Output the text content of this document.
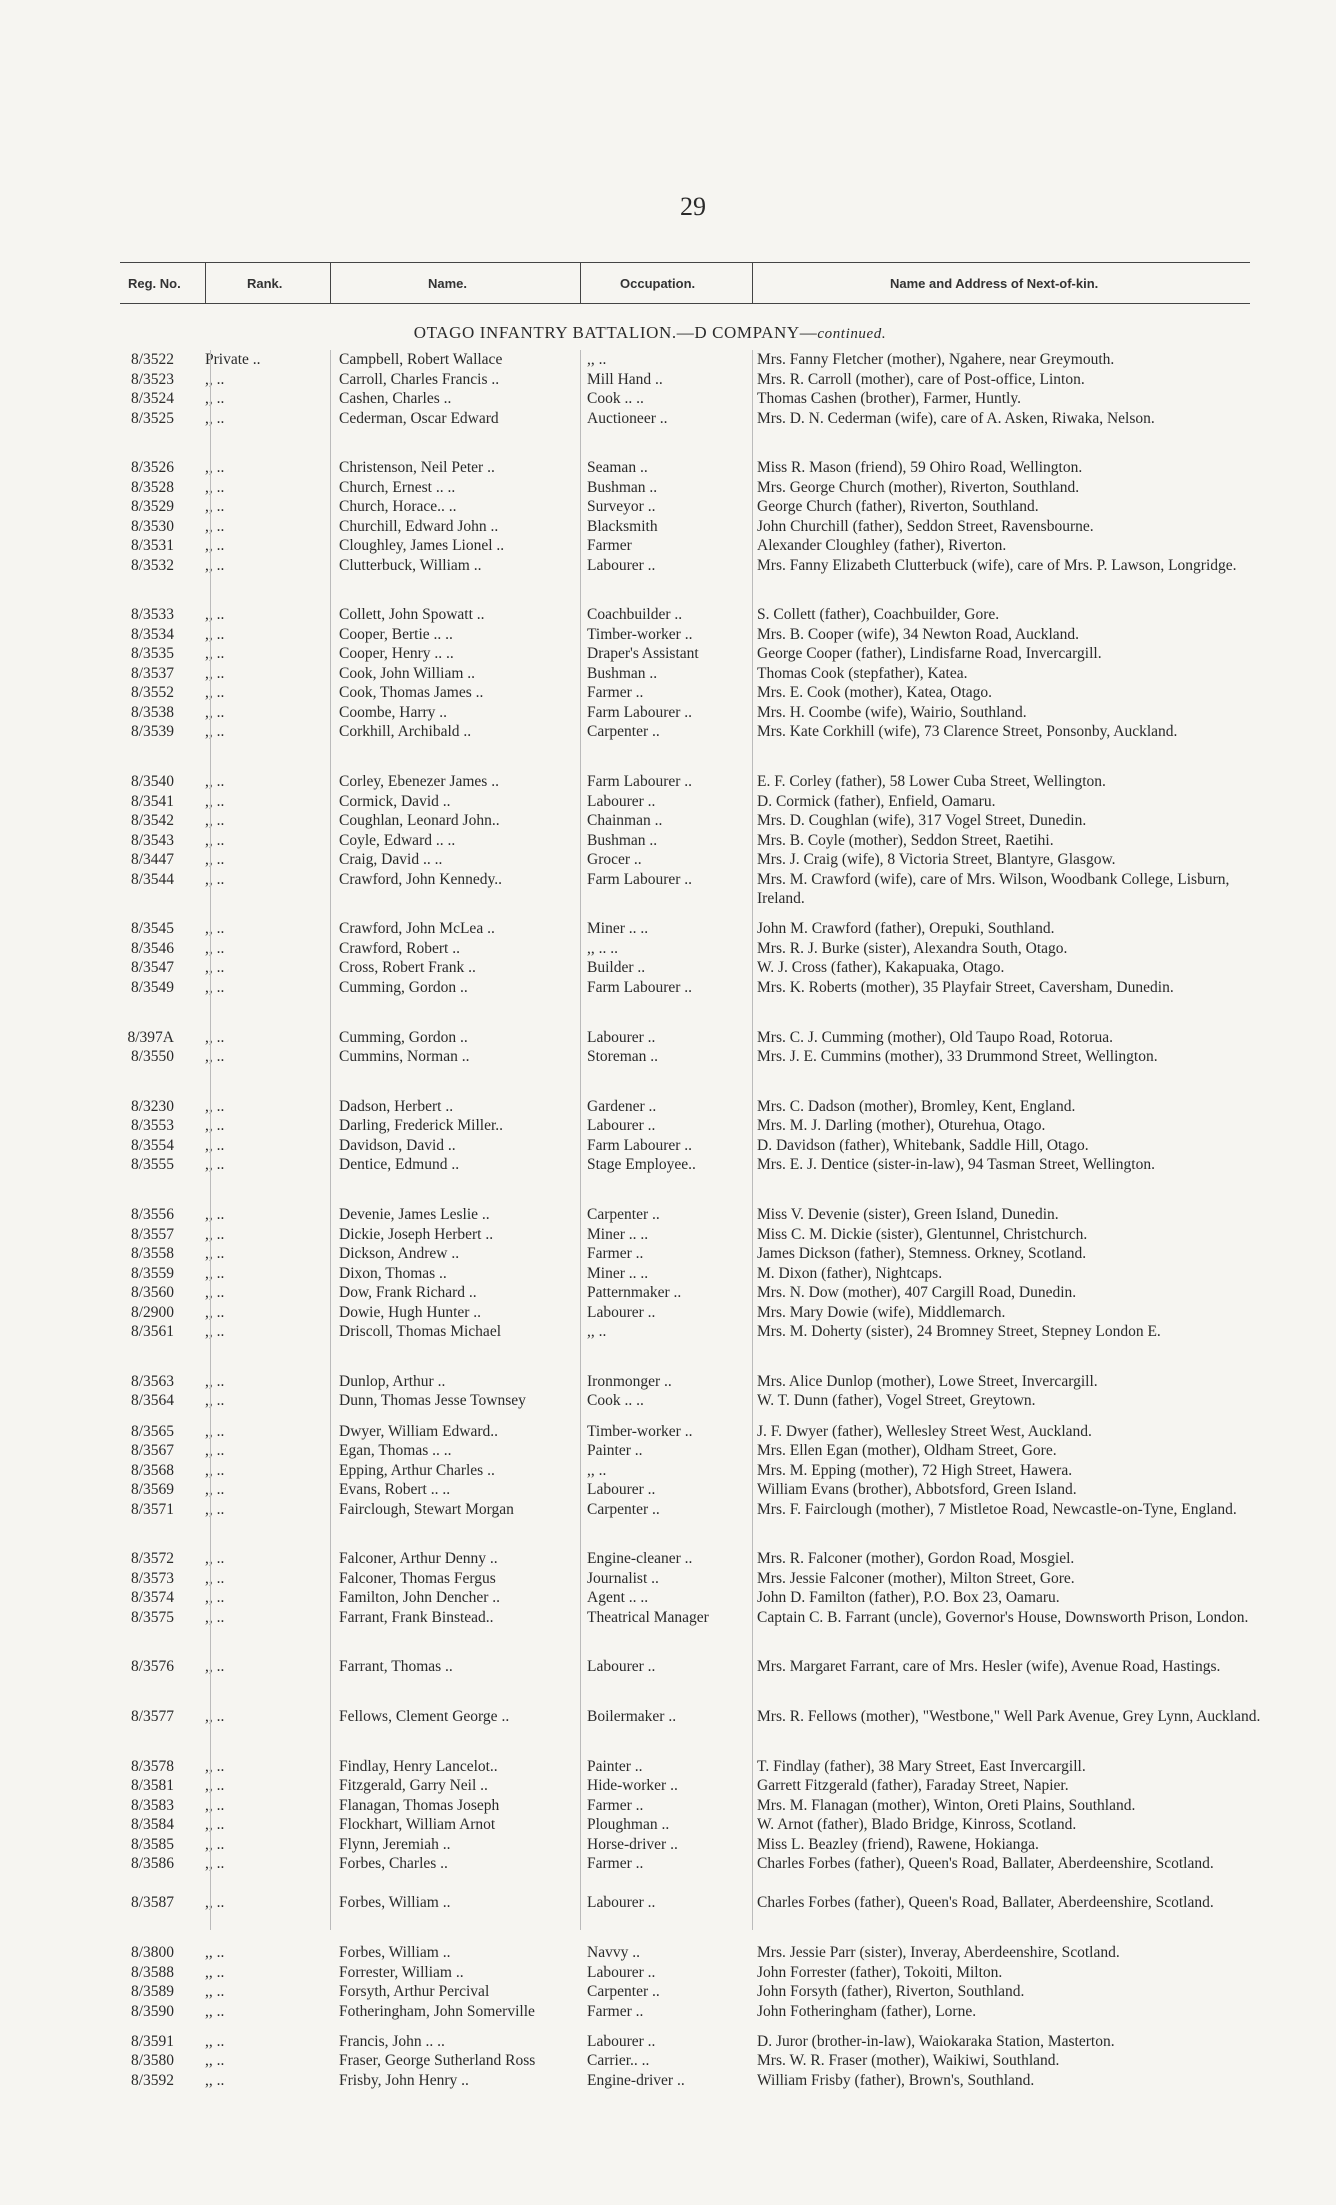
29
Reg. No.	Rank.	Name.	Occupation.	Name and Address of Next-of-kin.
OTAGO INFANTRY BATTALION.—D COMPANY—continued.
8/3522 Private ..	Campbell, Robert Wallace	,, ..	Mrs. Fanny Fletcher (mother), Ngahere, near Greymouth.
8/3523 ,, ..	Carroll, Charles Francis ..	Mill Hand ..	Mrs. R. Carroll (mother), care of Post-office, Linton.
8/3524 ,, ..	Cashen, Charles ..	Cook .. ..	Thomas Cashen (brother), Farmer, Huntly.
8/3525 ,, ..	Cederman, Oscar Edward	Auctioneer ..	Mrs. D. N. Cederman (wife), care of A. Asken, Riwaka, Nelson.
8/3526 ,, ..	Christenson, Neil Peter ..	Seaman ..	Miss R. Mason (friend), 59 Ohiro Road, Wellington.
8/3528 ,, ..	Church, Ernest .. ..	Bushman ..	Mrs. George Church (mother), Riverton, Southland.
8/3529 ,, ..	Church, Horace.. ..	Surveyor ..	George Church (father), Riverton, Southland.
8/3530 ,, ..	Churchill, Edward John ..	Blacksmith	John Churchill (father), Seddon Street, Ravensbourne.
8/3531 ,, ..	Cloughley, James Lionel ..	Farmer	Alexander Cloughley (father), Riverton.
8/3532 ,, ..	Clutterbuck, William ..	Labourer ..	Mrs. Fanny Elizabeth Clutterbuck (wife), care of Mrs. P. Lawson, Longridge.
8/3533 ,, ..	Collett, John Spowatt ..	Coachbuilder ..	S. Collett (father), Coachbuilder, Gore.
8/3534 ,, ..	Cooper, Bertie .. ..	Timber-worker ..	Mrs. B. Cooper (wife), 34 Newton Road, Auckland.
8/3535 ,, ..	Cooper, Henry .. ..	Draper's Assistant	George Cooper (father), Lindisfarne Road, Invercargill.
8/3537 ,, ..	Cook, John William ..	Bushman ..	Thomas Cook (stepfather), Katea.
8/3552 ,, ..	Cook, Thomas James ..	Farmer ..	Mrs. E. Cook (mother), Katea, Otago.
8/3538 ,, ..	Coombe, Harry ..	Farm Labourer ..	Mrs. H. Coombe (wife), Wairio, Southland.
8/3539 ,, ..	Corkhill, Archibald ..	Carpenter ..	Mrs. Kate Corkhill (wife), 73 Clarence Street, Ponsonby, Auckland.
8/3540 ,, ..	Corley, Ebenezer James ..	Farm Labourer ..	E. F. Corley (father), 58 Lower Cuba Street, Wellington.
8/3541 ,, ..	Cormick, David ..	Labourer ..	D. Cormick (father), Enfield, Oamaru.
8/3542 ,, ..	Coughlan, Leonard John..	Chainman ..	Mrs. D. Coughlan (wife), 317 Vogel Street, Dunedin.
8/3543 ,, ..	Coyle, Edward .. ..	Bushman ..	Mrs. B. Coyle (mother), Seddon Street, Raetihi.
8/3447 ,, ..	Craig, David .. ..	Grocer ..	Mrs. J. Craig (wife), 8 Victoria Street, Blantyre, Glasgow.
8/3544 ,, ..	Crawford, John Kennedy..	Farm Labourer ..	Mrs. M. Crawford (wife), care of Mrs. Wilson, Woodbank College, Lisburn, Ireland.
8/3545 ,, ..	Crawford, John McLea ..	Miner .. ..	John M. Crawford (father), Orepuki, Southland.
8/3546 ,, ..	Crawford, Robert ..	,, .. ..	Mrs. R. J. Burke (sister), Alexandra South, Otago.
8/3547 ,, ..	Cross, Robert Frank ..	Builder ..	W. J. Cross (father), Kakapuaka, Otago.
8/3549 ,, ..	Cumming, Gordon ..	Farm Labourer ..	Mrs. K. Roberts (mother), 35 Playfair Street, Caversham, Dunedin.
8/397A ,, ..	Cumming, Gordon ..	Labourer ..	Mrs. C. J. Cumming (mother), Old Taupo Road, Rotorua.
8/3550 ,, ..	Cummins, Norman ..	Storeman ..	Mrs. J. E. Cummins (mother), 33 Drummond Street, Wellington.
8/3230 ,, ..	Dadson, Herbert ..	Gardener ..	Mrs. C. Dadson (mother), Bromley, Kent, England.
8/3553 ,, ..	Darling, Frederick Miller..	Labourer ..	Mrs. M. J. Darling (mother), Oturehua, Otago.
8/3554 ,, ..	Davidson, David ..	Farm Labourer ..	D. Davidson (father), Whitebank, Saddle Hill, Otago.
8/3555 ,, ..	Dentice, Edmund ..	Stage Employee..	Mrs. E. J. Dentice (sister-in-law), 94 Tasman Street, Wellington.
8/3556 ,, ..	Devenie, James Leslie ..	Carpenter ..	Miss V. Devenie (sister), Green Island, Dunedin.
8/3557 ,, ..	Dickie, Joseph Herbert ..	Miner .. ..	Miss C. M. Dickie (sister), Glentunnel, Christchurch.
8/3558 ,, ..	Dickson, Andrew ..	Farmer ..	James Dickson (father), Stemness. Orkney, Scotland.
8/3559 ,, ..	Dixon, Thomas ..	Miner .. ..	M. Dixon (father), Nightcaps.
8/3560 ,, ..	Dow, Frank Richard ..	Patternmaker ..	Mrs. N. Dow (mother), 407 Cargill Road, Dunedin.
8/2900 ,, ..	Dowie, Hugh Hunter ..	Labourer ..	Mrs. Mary Dowie (wife), Middlemarch.
8/3561 ,, ..	Driscoll, Thomas Michael	,, ..	Mrs. M. Doherty (sister), 24 Bromney Street, Stepney London E.
8/3563 ,, ..	Dunlop, Arthur ..	Ironmonger ..	Mrs. Alice Dunlop (mother), Lowe Street, Invercargill.
8/3564 ,, ..	Dunn, Thomas Jesse Townsey	Cook .. ..	W. T. Dunn (father), Vogel Street, Greytown.
8/3565 ,, ..	Dwyer, William Edward..	Timber-worker ..	J. F. Dwyer (father), Wellesley Street West, Auckland.
8/3567 ,, ..	Egan, Thomas .. ..	Painter ..	Mrs. Ellen Egan (mother), Oldham Street, Gore.
8/3568 ,, ..	Epping, Arthur Charles ..	,, ..	Mrs. M. Epping (mother), 72 High Street, Hawera.
8/3569 ,, ..	Evans, Robert .. ..	Labourer ..	William Evans (brother), Abbotsford, Green Island.
8/3571 ,, ..	Fairclough, Stewart Morgan	Carpenter ..	Mrs. F. Fairclough (mother), 7 Mistletoe Road, Newcastle-on-Tyne, England.
8/3572 ,, ..	Falconer, Arthur Denny ..	Engine-cleaner ..	Mrs. R. Falconer (mother), Gordon Road, Mosgiel.
8/3573 ,, ..	Falconer, Thomas Fergus	Journalist ..	Mrs. Jessie Falconer (mother), Milton Street, Gore.
8/3574 ,, ..	Familton, John Dencher ..	Agent .. ..	John D. Familton (father), P.O. Box 23, Oamaru.
8/3575 ,, ..	Farrant, Frank Binstead..	Theatrical Manager	Captain C. B. Farrant (uncle), Governor's House, Downsworth Prison, London.
8/3576 ,, ..	Farrant, Thomas ..	Labourer ..	Mrs. Margaret Farrant, care of Mrs. Hesler (wife), Avenue Road, Hastings.
8/3577 ,, ..	Fellows, Clement George ..	Boilermaker ..	Mrs. R. Fellows (mother), "Westbone," Well Park Avenue, Grey Lynn, Auckland.
8/3578 ,, ..	Findlay, Henry Lancelot..	Painter ..	T. Findlay (father), 38 Mary Street, East Invercargill.
8/3581 ,, ..	Fitzgerald, Garry Neil ..	Hide-worker ..	Garrett Fitzgerald (father), Faraday Street, Napier.
8/3583 ,, ..	Flanagan, Thomas Joseph	Farmer ..	Mrs. M. Flanagan (mother), Winton, Oreti Plains, Southland.
8/3584 ,, ..	Flockhart, William Arnot	Ploughman ..	W. Arnot (father), Blado Bridge, Kinross, Scotland.
8/3585 ,, ..	Flynn, Jeremiah ..	Horse-driver ..	Miss L. Beazley (friend), Rawene, Hokianga.
8/3586 ,, ..	Forbes, Charles ..	Farmer ..	Charles Forbes (father), Queen's Road, Ballater, Aberdeenshire, Scotland.
8/3587 ,, ..	Forbes, William ..	Labourer ..	Charles Forbes (father), Queen's Road, Ballater, Aberdeenshire, Scotland.
8/3800 ,, ..	Forbes, William ..	Navvy ..	Mrs. Jessie Parr (sister), Inveray, Aberdeenshire, Scotland.
8/3588 ,, ..	Forrester, William ..	Labourer ..	John Forrester (father), Tokoiti, Milton.
8/3589 ,, ..	Forsyth, Arthur Percival	Carpenter ..	John Forsyth (father), Riverton, Southland.
8/3590 ,, ..	Fotheringham, John Somerville	Farmer ..	John Fotheringham (father), Lorne.
8/3591 ,, ..	Francis, John .. ..	Labourer ..	D. Juror (brother-in-law), Waiokaraka Station, Masterton.
8/3580 ,, ..	Fraser, George Sutherland Ross	Carrier.. ..	Mrs. W. R. Fraser (mother), Waikiwi, Southland.
8/3592 ,, ..	Frisby, John Henry ..	Engine-driver ..	William Frisby (father), Brown's, Southland.
